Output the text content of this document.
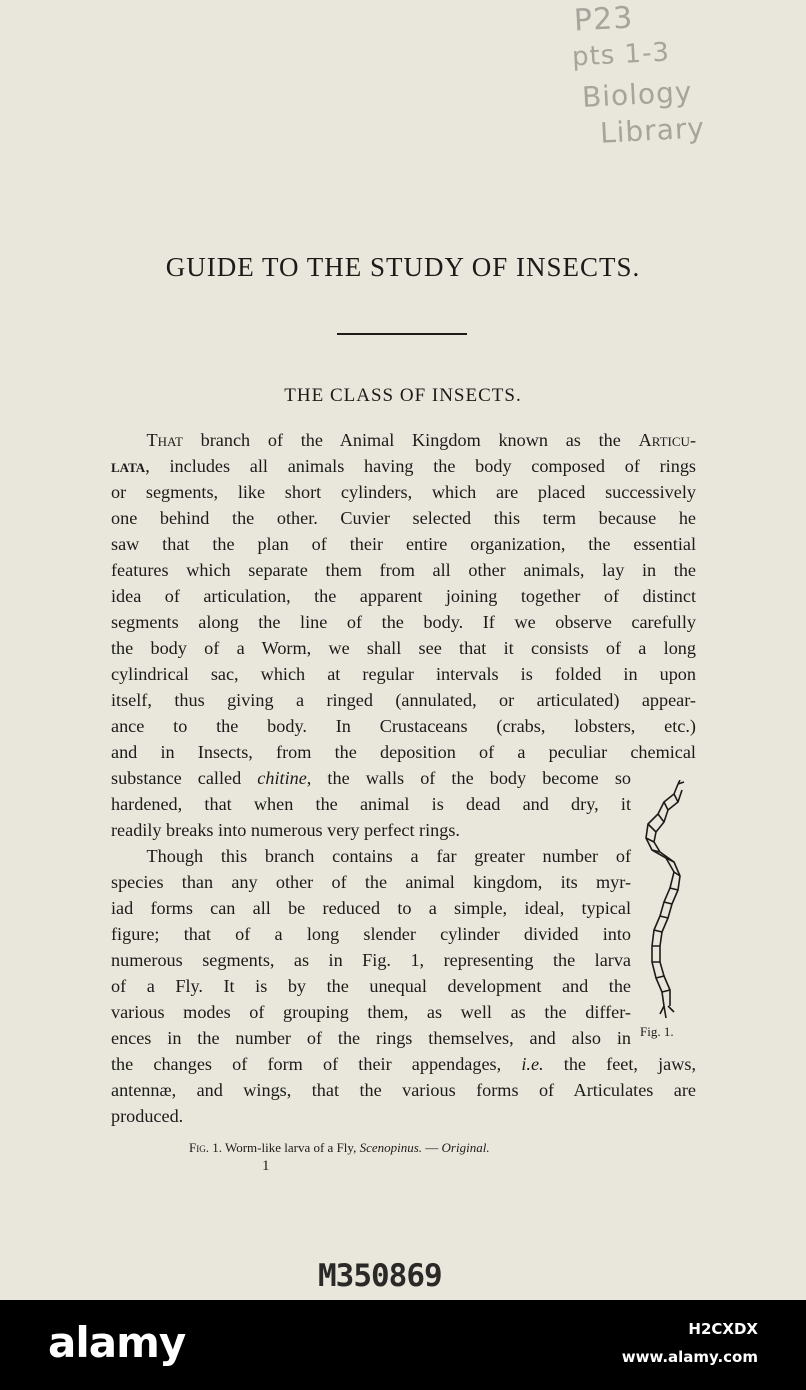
P23
pts 1-3
Biology
Library
GUIDE TO THE STUDY OF INSECTS.
THE CLASS OF INSECTS.
That branch of the Animal Kingdom known as the Articu-
lata, includes all animals having the body composed of rings
or segments, like short cylinders, which are placed successively
one behind the other. Cuvier selected this term because he
saw that the plan of their entire organization, the essential
features which separate them from all other animals, lay in the
idea of articulation, the apparent joining together of distinct
segments along the line of the body. If we observe carefully
the body of a Worm, we shall see that it consists of a long
cylindrical sac, which at regular intervals is folded in upon
itself, thus giving a ringed (annulated, or articulated) appear-
ance to the body. In Crustaceans (crabs, lobsters, etc.)
and in Insects, from the deposition of a peculiar chemical
substance called chitine, the walls of the body become so
hardened, that when the animal is dead and dry, it
readily breaks into numerous very perfect rings.
Though this branch contains a far greater number of
species than any other of the animal kingdom, its myr-
iad forms can all be reduced to a simple, ideal, typical
figure; that of a long slender cylinder divided into
numerous segments, as in Fig. 1, representing the larva
of a Fly. It is by the unequal development and the
various modes of grouping them, as well as the differ-
ences in the number of the rings themselves, and also in
the changes of form of their appendages, i.e. the feet, jaws,
antennæ, and wings, that the various forms of Articulates are
produced.
Fig. 1.
Fig. 1. Worm-like larva of a Fly, Scenopinus. — Original.
1
M350869
alamy	H2CXDX
www.alamy.com
